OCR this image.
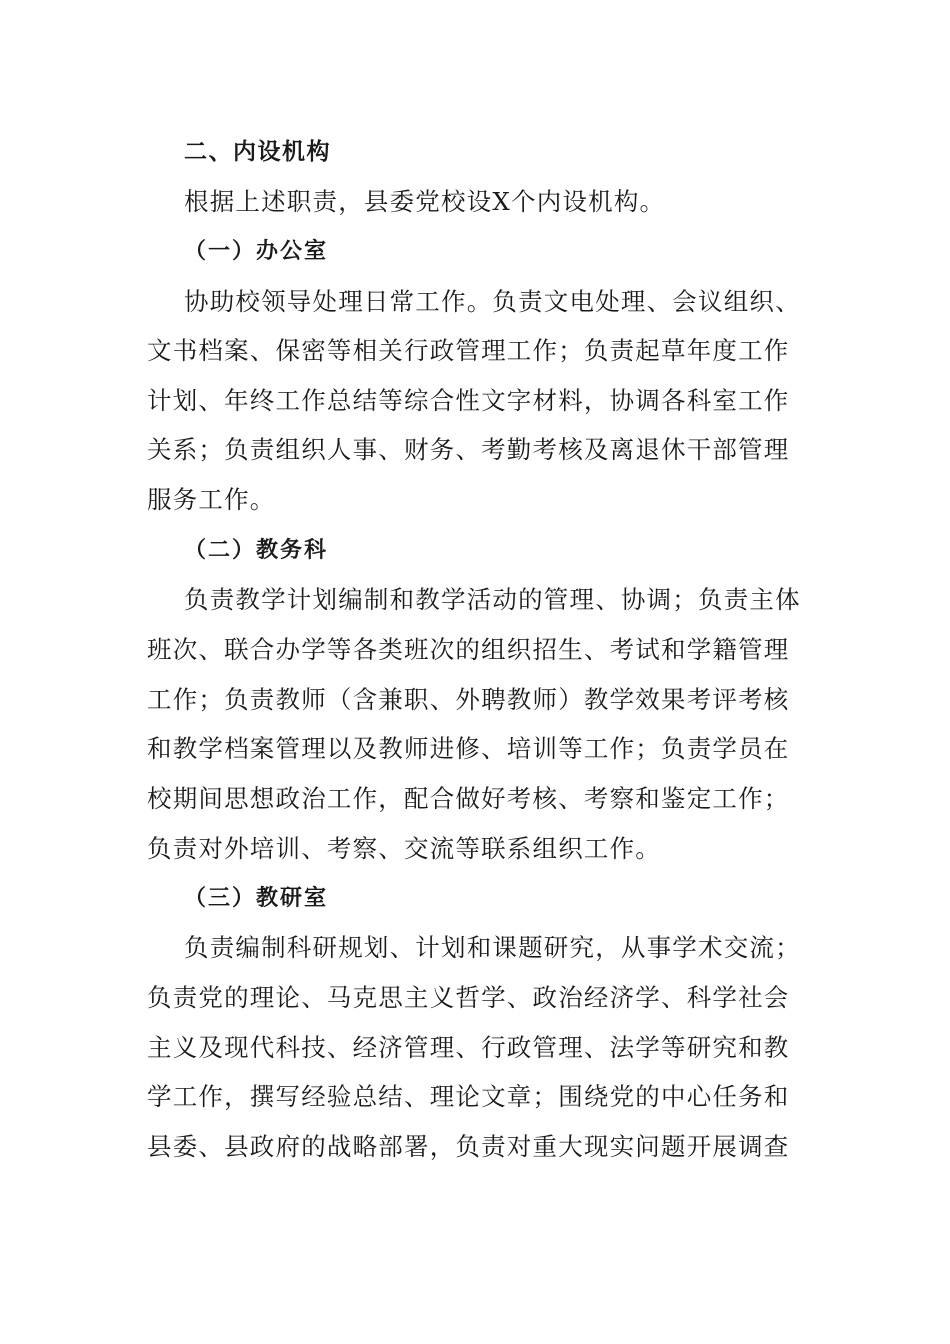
二、内设机构
根据上述职责，县委党校设X个内设机构。
（一）办公室
协助校领导处理日常工作。负责文电处理、会议组织、
文书档案、保密等相关行政管理工作；负责起草年度工作
计划、年终工作总结等综合性文字材料，协调各科室工作
关系；负责组织人事、财务、考勤考核及离退休干部管理
服务工作。
（二）教务科
负责教学计划编制和教学活动的管理、协调；负责主体
班次、联合办学等各类班次的组织招生、考试和学籍管理
工作；负责教师（含兼职、外聘教师）教学效果考评考核
和教学档案管理以及教师进修、培训等工作；负责学员在
校期间思想政治工作，配合做好考核、考察和鉴定工作；
负责对外培训、考察、交流等联系组织工作。
（三）教研室
负责编制科研规划、计划和课题研究，从事学术交流；
负责党的理论、马克思主义哲学、政治经济学、科学社会
主义及现代科技、经济管理、行政管理、法学等研究和教
学工作，撰写经验总结、理论文章；围绕党的中心任务和
县委、县政府的战略部署，负责对重大现实问题开展调查
